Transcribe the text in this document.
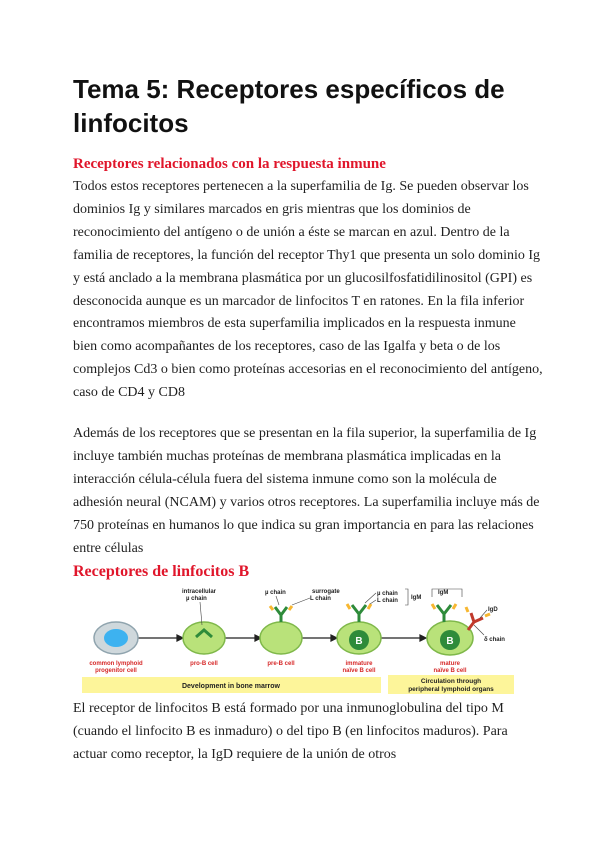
Tema 5: Receptores específicos de linfocitos
Receptores relacionados con la respuesta inmune

Todos estos receptores pertenecen a la superfamilia de Ig. Se pueden observar los dominios Ig y similares marcados en gris mientras que los dominios de reconocimiento del antígeno o de unión a éste se marcan en azul. Dentro de la familia de receptores, la función del receptor Thy1 que presenta un solo dominio Ig y está anclado a la membrana plasmática por un glucosilfosfatidilinositol (GPI) es desconocida aunque es un marcador de linfocitos T en ratones. En la fila inferior encontramos miembros de esta superfamilia implicados en la respuesta inmune bien como acompañantes de los receptores, caso de las Igalfa y beta o de los complejos Cd3 o bien como proteínas accesorias en el reconocimiento del antígeno, caso de CD4 y CD8

Además de los receptores que se presentan en la fila superior, la superfamilia de Ig incluye también muchas proteínas de membrana plasmática implicadas en la interacción célula-célula fuera del sistema inmune como son la molécula de adhesión neural (NCAM) y varios otros receptores. La superfamilia incluye más de 750 proteínas en humanos lo que indica su gran importancia en para las relaciones entre células

Receptores de linfocitos B
B	B
intracellular
µ chain
µ chain	surrogate
L chain
µ chain
L chain IgM
IgM
IgD
δ chain
common lymphoid
progenitor cell
pro-B cell	pre-B cell	immature
naïve B cell
mature
naïve B cell
Development in bone marrow
Circulation through
peripheral lymphoid organs

El receptor de linfocitos B está formado por una inmunoglobulina del tipo M (cuando el linfocito B es inmaduro) o del tipo B (en linfocitos maduros). Para actuar como receptor, la IgD requiere de la unión de otros
